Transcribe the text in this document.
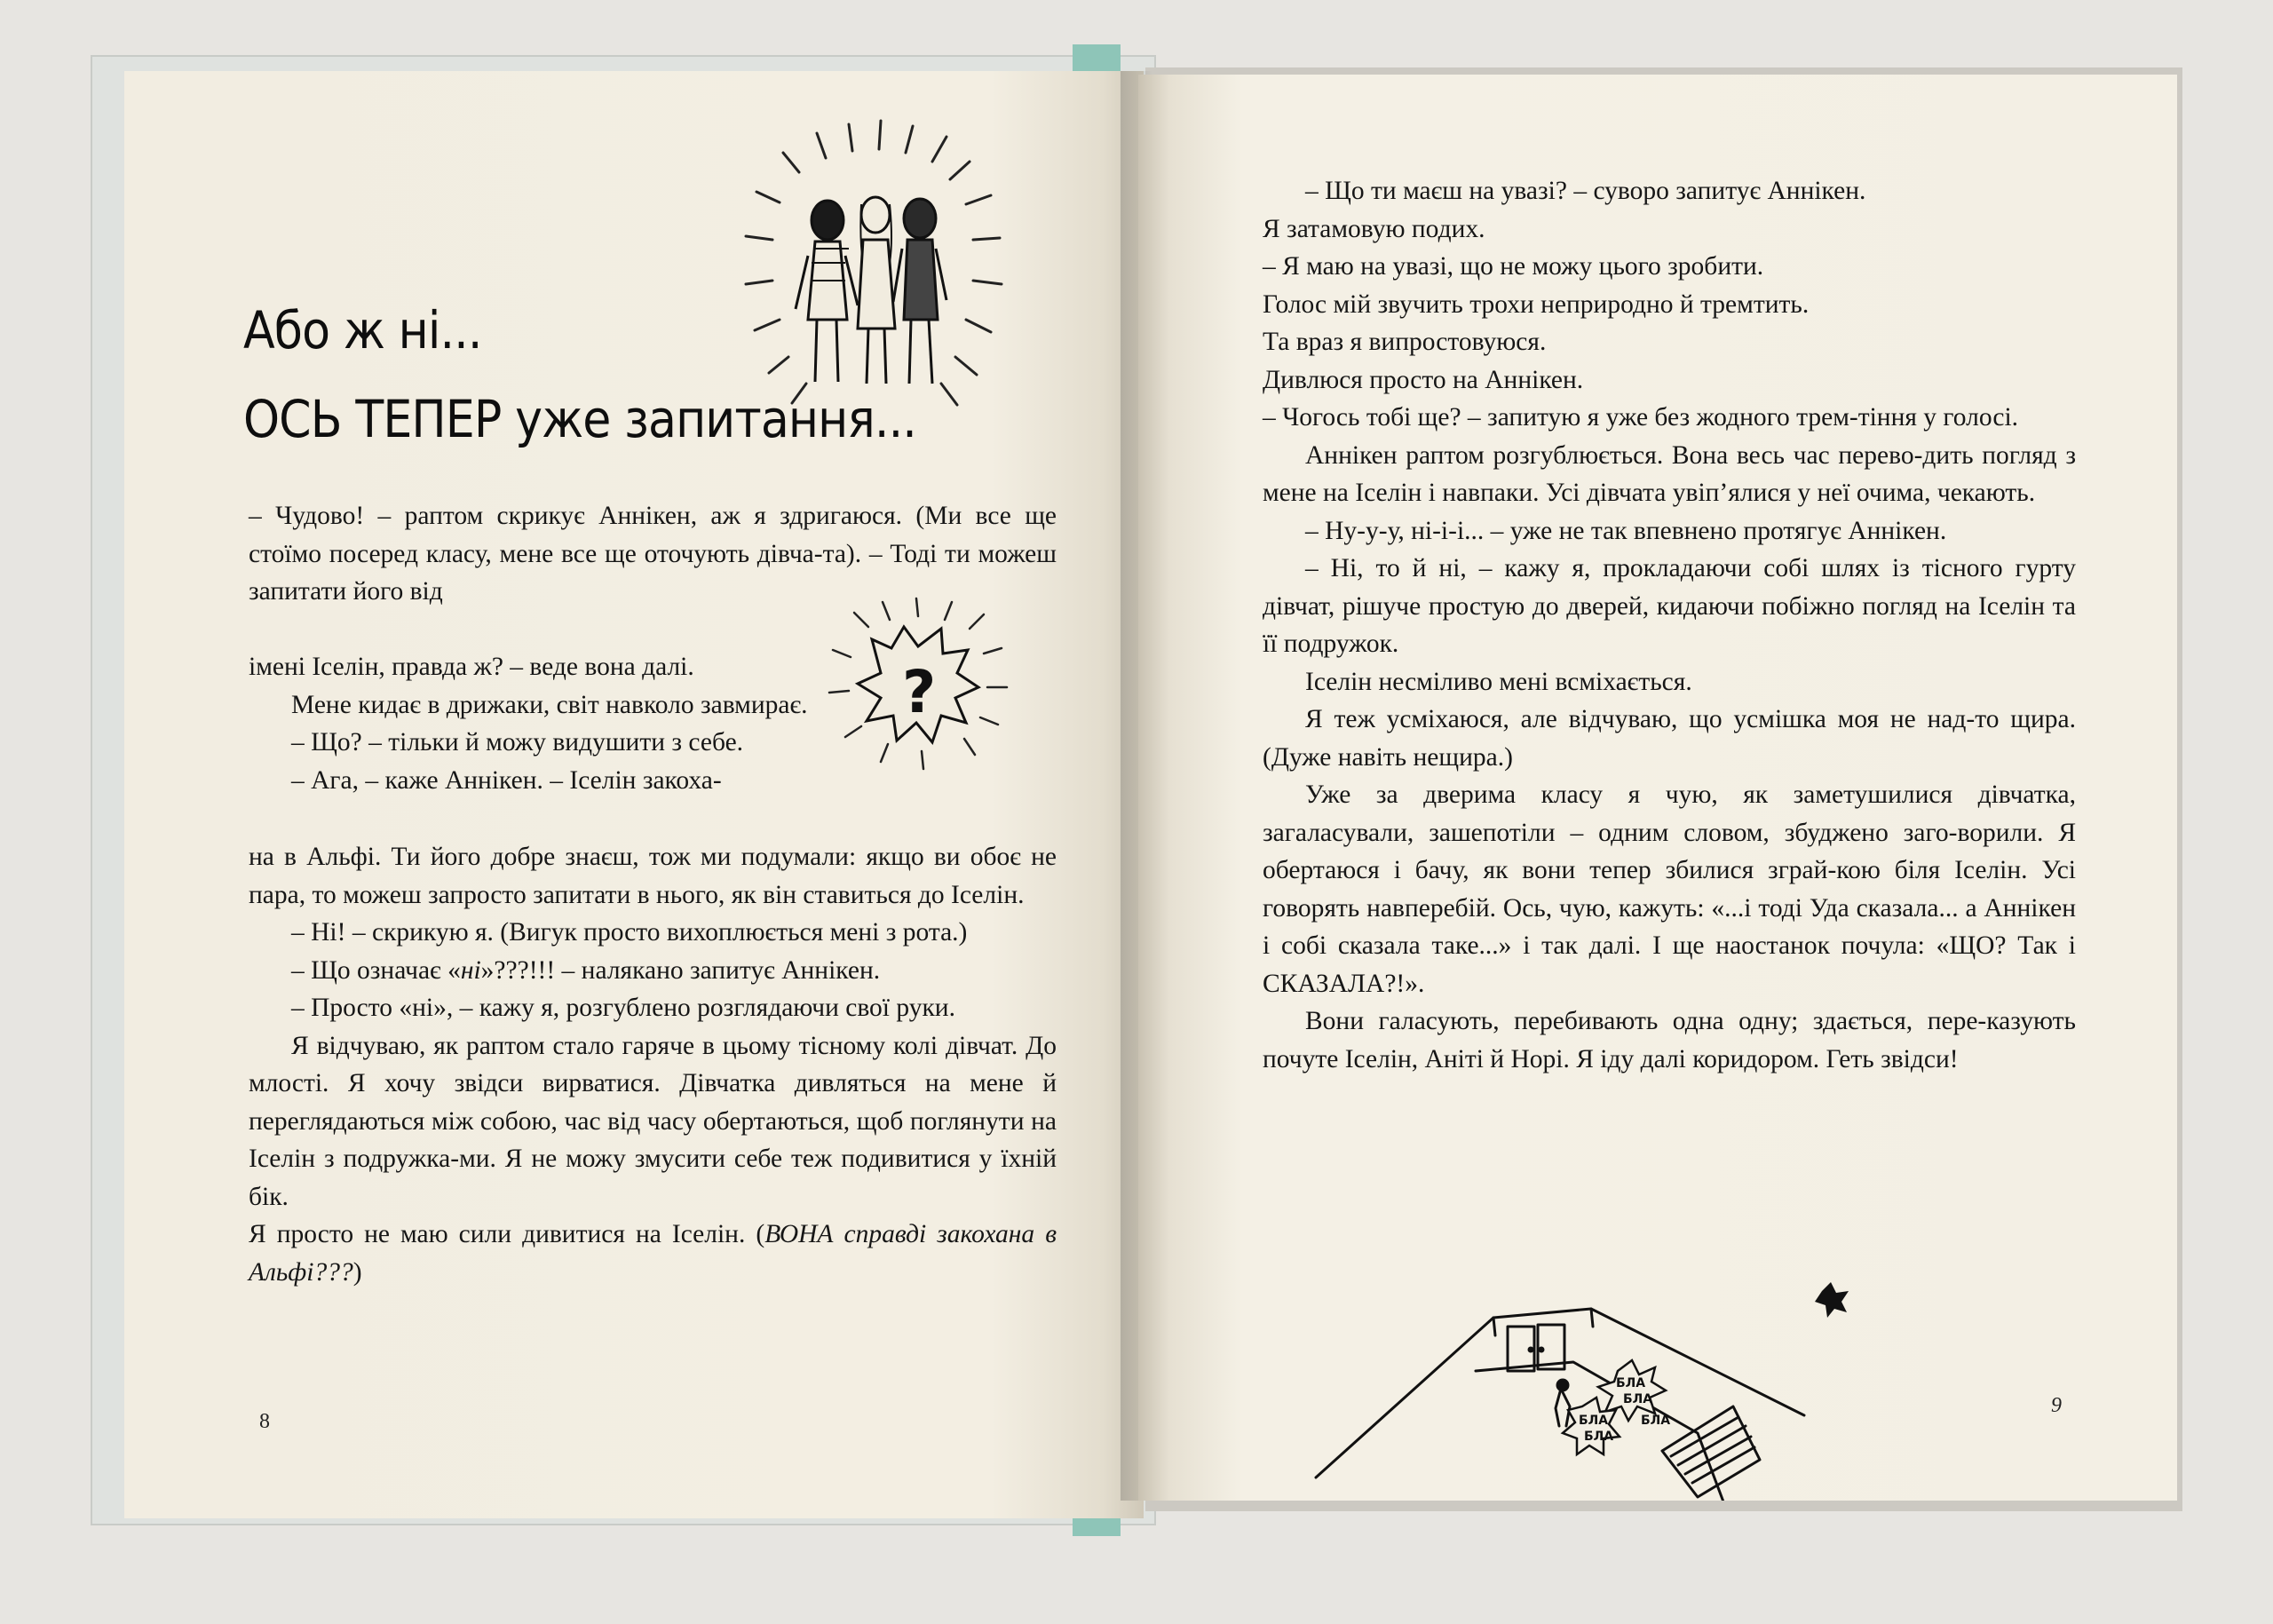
Або ж ні...
ОСЬ ТЕПЕР уже запитання...

– Чудово! – раптом скрикує Аннікен, аж я здригаюся. (Ми все ще стоїмо посеред класу, мене все ще оточують дівча-та). – Тоді ти можеш запитати його від

?

імені Іселін, правда ж? – веде вона далі.

Мене кидає в дрижаки, світ навколо завмирає.

– Що? – тільки й можу видушити з себе.

– Ага, – каже Аннікен. – Іселін закоха-

на в Альфі. Ти його добре знаєш, тож ми подумали: якщо ви обоє не пара, то можеш запросто запитати в нього, як він ставиться до Іселін.

– Ні! – скрикую я. (Вигук просто вихоплюється мені з рота.)

– Що означає «ні»???!!! – налякано запитує Аннікен.

– Просто «ні», – кажу я, розгублено розглядаючи свої руки.

Я відчуваю, як раптом стало гаряче в цьому тісному колі дівчат. До млості. Я хочу звідси вирватися. Дівчатка дивляться на мене й переглядаються між собою, час від часу обертаються, щоб поглянути на Іселін з подружка-ми. Я не можу змусити себе теж подивитися у їхній бік.

Я просто не маю сили дивитися на Іселін. (ВОНА справді закохана в Альфі???)

8

– Що ти маєш на увазі? – суворо запитує Аннікен.

Я затамовую подих.

– Я маю на увазі, що не можу цього зробити.

Голос мій звучить трохи неприродно й тремтить.

Та враз я випростовуюся.

Дивлюся просто на Аннікен.

– Чогось тобі ще? – запитую я уже без жодного трем-тіння у голосі.

Аннікен раптом розгублюється. Вона весь час перево-дить погляд з мене на Іселін і навпаки. Усі дівчата увіп’ялися у неї очима, чекають.

– Ну-у-у, ні-і-і... – уже не так впевнено протягує Аннікен.

– Ні, то й ні, – кажу я, прокладаючи собі шлях із тісного гурту дівчат, рішуче простую до дверей, кидаючи побіжно погляд на Іселін та її подружок.

Іселін несміливо мені всміхається.

Я теж усміхаюся, але відчуваю, що усмішка моя не над-то щира. (Дуже навіть нещира.)

Уже за дверима класу я чую, як заметушилися дівчатка, загаласували, зашепотіли – одним словом, збуджено заго-ворили. Я обертаюся і бачу, як вони тепер збилися зграй-кою біля Іселін. Усі говорять навперебій. Ось, чую, кажуть: «...і тоді Уда сказала... а Аннікен і собі сказала таке...» і так далі. І ще наостанок почула: «ЩО? Так і СКАЗАЛА?!».

Вони галасують, перебивають одна одну; здається, пере-казують почуте Іселін, Аніті й Норі. Я іду далі коридором. Геть звідси!

БЛА
БЛА
БЛА
БЛА
БЛА
9
